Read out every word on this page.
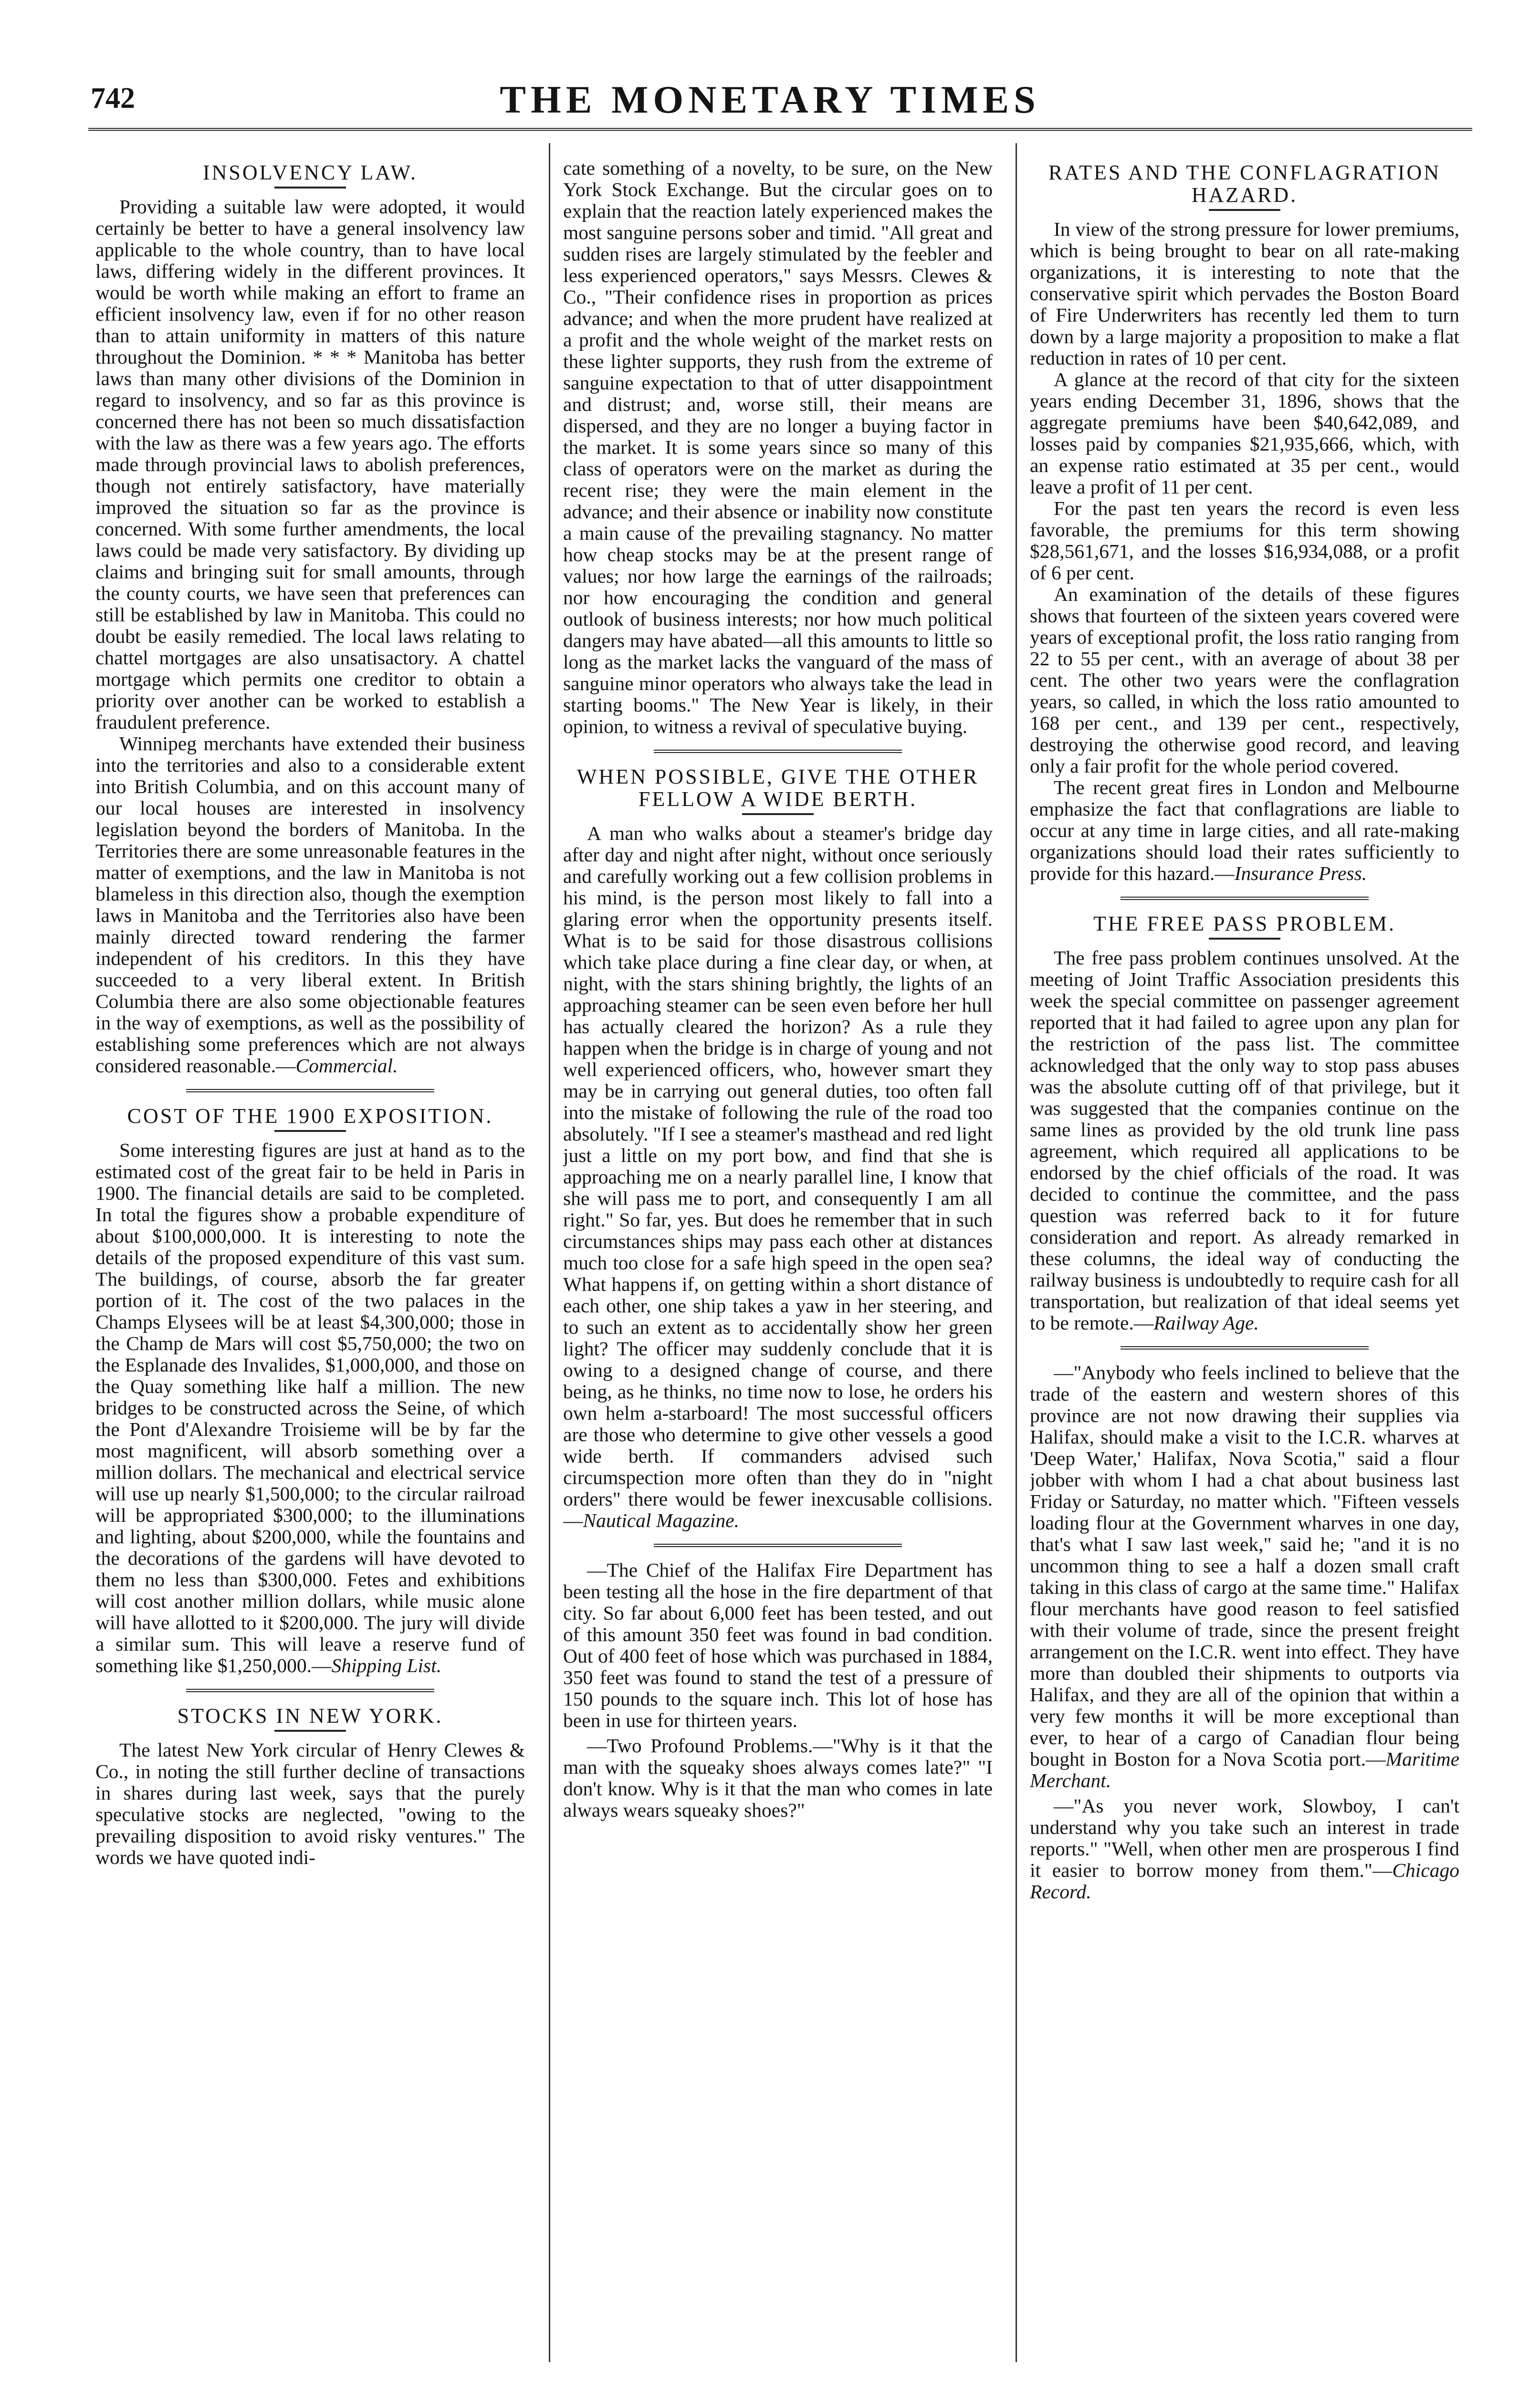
742	THE MONETARY TIMES
INSOLVENCY LAW.

Providing a suitable law were adopted, it would certainly be better to have a general insolvency law applicable to the whole country, than to have local laws, differing widely in the different provinces. It would be worth while making an effort to frame an efficient insolvency law, even if for no other reason than to attain uniformity in matters of this nature throughout the Dominion. * * * Manitoba has better laws than many other divisions of the Dominion in regard to insolvency, and so far as this province is concerned there has not been so much dissatisfaction with the law as there was a few years ago. The efforts made through provincial laws to abolish preferences, though not entirely satisfactory, have materially improved the situation so far as the province is concerned. With some further amendments, the local laws could be made very satisfactory. By dividing up claims and bringing suit for small amounts, through the county courts, we have seen that preferences can still be established by law in Manitoba. This could no doubt be easily remedied. The local laws relating to chattel mortgages are also unsatisactory. A chattel mortgage which permits one creditor to obtain a priority over another can be worked to establish a fraudulent preference.

Winnipeg merchants have extended their business into the territories and also to a considerable extent into British Columbia, and on this account many of our local houses are interested in insolvency legislation beyond the borders of Manitoba. In the Territories there are some unreasonable features in the matter of exemptions, and the law in Manitoba is not blameless in this direction also, though the exemption laws in Manitoba and the Territories also have been mainly directed toward rendering the farmer independent of his creditors. In this they have succeeded to a very liberal extent. In British Columbia there are also some objectionable features in the way of exemptions, as well as the possibility of establishing some preferences which are not always considered reasonable.—Commercial.

COST OF THE 1900 EXPOSITION.

Some interesting figures are just at hand as to the estimated cost of the great fair to be held in Paris in 1900. The financial details are said to be completed. In total the figures show a probable expenditure of about $100,000,000. It is interesting to note the details of the proposed expenditure of this vast sum. The buildings, of course, absorb the far greater portion of it. The cost of the two palaces in the Champs Elysees will be at least $4,300,000; those in the Champ de Mars will cost $5,750,000; the two on the Esplanade des Invalides, $1,000,000, and those on the Quay something like half a million. The new bridges to be constructed across the Seine, of which the Pont d'Alexandre Troisieme will be by far the most magnificent, will absorb something over a million dollars. The mechanical and electrical service will use up nearly $1,500,000; to the circular railroad will be appropriated $300,000; to the illuminations and lighting, about $200,000, while the fountains and the decorations of the gardens will have devoted to them no less than $300,000. Fetes and exhibitions will cost another million dollars, while music alone will have allotted to it $200,000. The jury will divide a similar sum. This will leave a reserve fund of something like $1,250,000.—Shipping List.

STOCKS IN NEW YORK.

The latest New York circular of Henry Clewes & Co., in noting the still further decline of transactions in shares during last week, says that the purely speculative stocks are neglected, "owing to the prevailing disposition to avoid risky ventures." The words we have quoted indi-

cate something of a novelty, to be sure, on the New York Stock Exchange. But the circular goes on to explain that the reaction lately experienced makes the most sanguine persons sober and timid. "All great and sudden rises are largely stimulated by the feebler and less experienced operators," says Messrs. Clewes & Co., "Their confidence rises in proportion as prices advance; and when the more prudent have realized at a profit and the whole weight of the market rests on these lighter supports, they rush from the extreme of sanguine expectation to that of utter disappointment and distrust; and, worse still, their means are dispersed, and they are no longer a buying factor in the market. It is some years since so many of this class of operators were on the market as during the recent rise; they were the main element in the advance; and their absence or inability now constitute a main cause of the prevailing stagnancy. No matter how cheap stocks may be at the present range of values; nor how large the earnings of the railroads; nor how encouraging the condition and general outlook of business interests; nor how much political dangers may have abated—all this amounts to little so long as the market lacks the vanguard of the mass of sanguine minor operators who always take the lead in starting booms." The New Year is likely, in their opinion, to witness a revival of speculative buying.

WHEN POSSIBLE, GIVE THE OTHER FELLOW A WIDE BERTH.

A man who walks about a steamer's bridge day after day and night after night, without once seriously and carefully working out a few collision problems in his mind, is the person most likely to fall into a glaring error when the opportunity presents itself. What is to be said for those disastrous collisions which take place during a fine clear day, or when, at night, with the stars shining brightly, the lights of an approaching steamer can be seen even before her hull has actually cleared the horizon? As a rule they happen when the bridge is in charge of young and not well experienced officers, who, however smart they may be in carrying out general duties, too often fall into the mistake of following the rule of the road too absolutely. "If I see a steamer's masthead and red light just a little on my port bow, and find that she is approaching me on a nearly parallel line, I know that she will pass me to port, and consequently I am all right." So far, yes. But does he remember that in such circumstances ships may pass each other at distances much too close for a safe high speed in the open sea? What happens if, on getting within a short distance of each other, one ship takes a yaw in her steering, and to such an extent as to accidentally show her green light? The officer may suddenly conclude that it is owing to a designed change of course, and there being, as he thinks, no time now to lose, he orders his own helm a-starboard! The most successful officers are those who determine to give other vessels a good wide berth. If commanders advised such circumspection more often than they do in "night orders" there would be fewer inexcusable collisions.—Nautical Magazine.

—The Chief of the Halifax Fire Department has been testing all the hose in the fire department of that city. So far about 6,000 feet has been tested, and out of this amount 350 feet was found in bad condition. Out of 400 feet of hose which was purchased in 1884, 350 feet was found to stand the test of a pressure of 150 pounds to the square inch. This lot of hose has been in use for thirteen years.

—Two Profound Problems.—"Why is it that the man with the squeaky shoes always comes late?" "I don't know. Why is it that the man who comes in late always wears squeaky shoes?"

RATES AND THE CONFLAGRATION HAZARD.

In view of the strong pressure for lower premiums, which is being brought to bear on all rate-making organizations, it is interesting to note that the conservative spirit which pervades the Boston Board of Fire Underwriters has recently led them to turn down by a large majority a proposition to make a flat reduction in rates of 10 per cent.

A glance at the record of that city for the sixteen years ending December 31, 1896, shows that the aggregate premiums have been $40,642,089, and losses paid by companies $21,935,666, which, with an expense ratio estimated at 35 per cent., would leave a profit of 11 per cent.

For the past ten years the record is even less favorable, the premiums for this term showing $28,561,671, and the losses $16,934,088, or a profit of 6 per cent.

An examination of the details of these figures shows that fourteen of the sixteen years covered were years of exceptional profit, the loss ratio ranging from 22 to 55 per cent., with an average of about 38 per cent. The other two years were the conflagration years, so called, in which the loss ratio amounted to 168 per cent., and 139 per cent., respectively, destroying the otherwise good record, and leaving only a fair profit for the whole period covered.

The recent great fires in London and Melbourne emphasize the fact that conflagrations are liable to occur at any time in large cities, and all rate-making organizations should load their rates sufficiently to provide for this hazard.—Insurance Press.

THE FREE PASS PROBLEM.

The free pass problem continues unsolved. At the meeting of Joint Traffic Association presidents this week the special committee on passenger agreement reported that it had failed to agree upon any plan for the restriction of the pass list. The committee acknowledged that the only way to stop pass abuses was the absolute cutting off of that privilege, but it was suggested that the companies continue on the same lines as provided by the old trunk line pass agreement, which required all applications to be endorsed by the chief officials of the road. It was decided to continue the committee, and the pass question was referred back to it for future consideration and report. As already remarked in these columns, the ideal way of conducting the railway business is undoubtedly to require cash for all transportation, but realization of that ideal seems yet to be remote.—Railway Age.

—"Anybody who feels inclined to believe that the trade of the eastern and western shores of this province are not now drawing their supplies via Halifax, should make a visit to the I.C.R. wharves at 'Deep Water,' Halifax, Nova Scotia," said a flour jobber with whom I had a chat about business last Friday or Saturday, no matter which. "Fifteen vessels loading flour at the Government wharves in one day, that's what I saw last week," said he; "and it is no uncommon thing to see a half a dozen small craft taking in this class of cargo at the same time." Halifax flour merchants have good reason to feel satisfied with their volume of trade, since the present freight arrangement on the I.C.R. went into effect. They have more than doubled their shipments to outports via Halifax, and they are all of the opinion that within a very few months it will be more exceptional than ever, to hear of a cargo of Canadian flour being bought in Boston for a Nova Scotia port.—Maritime Merchant.

—"As you never work, Slowboy, I can't understand why you take such an interest in trade reports." "Well, when other men are prosperous I find it easier to borrow money from them."—Chicago Record.
